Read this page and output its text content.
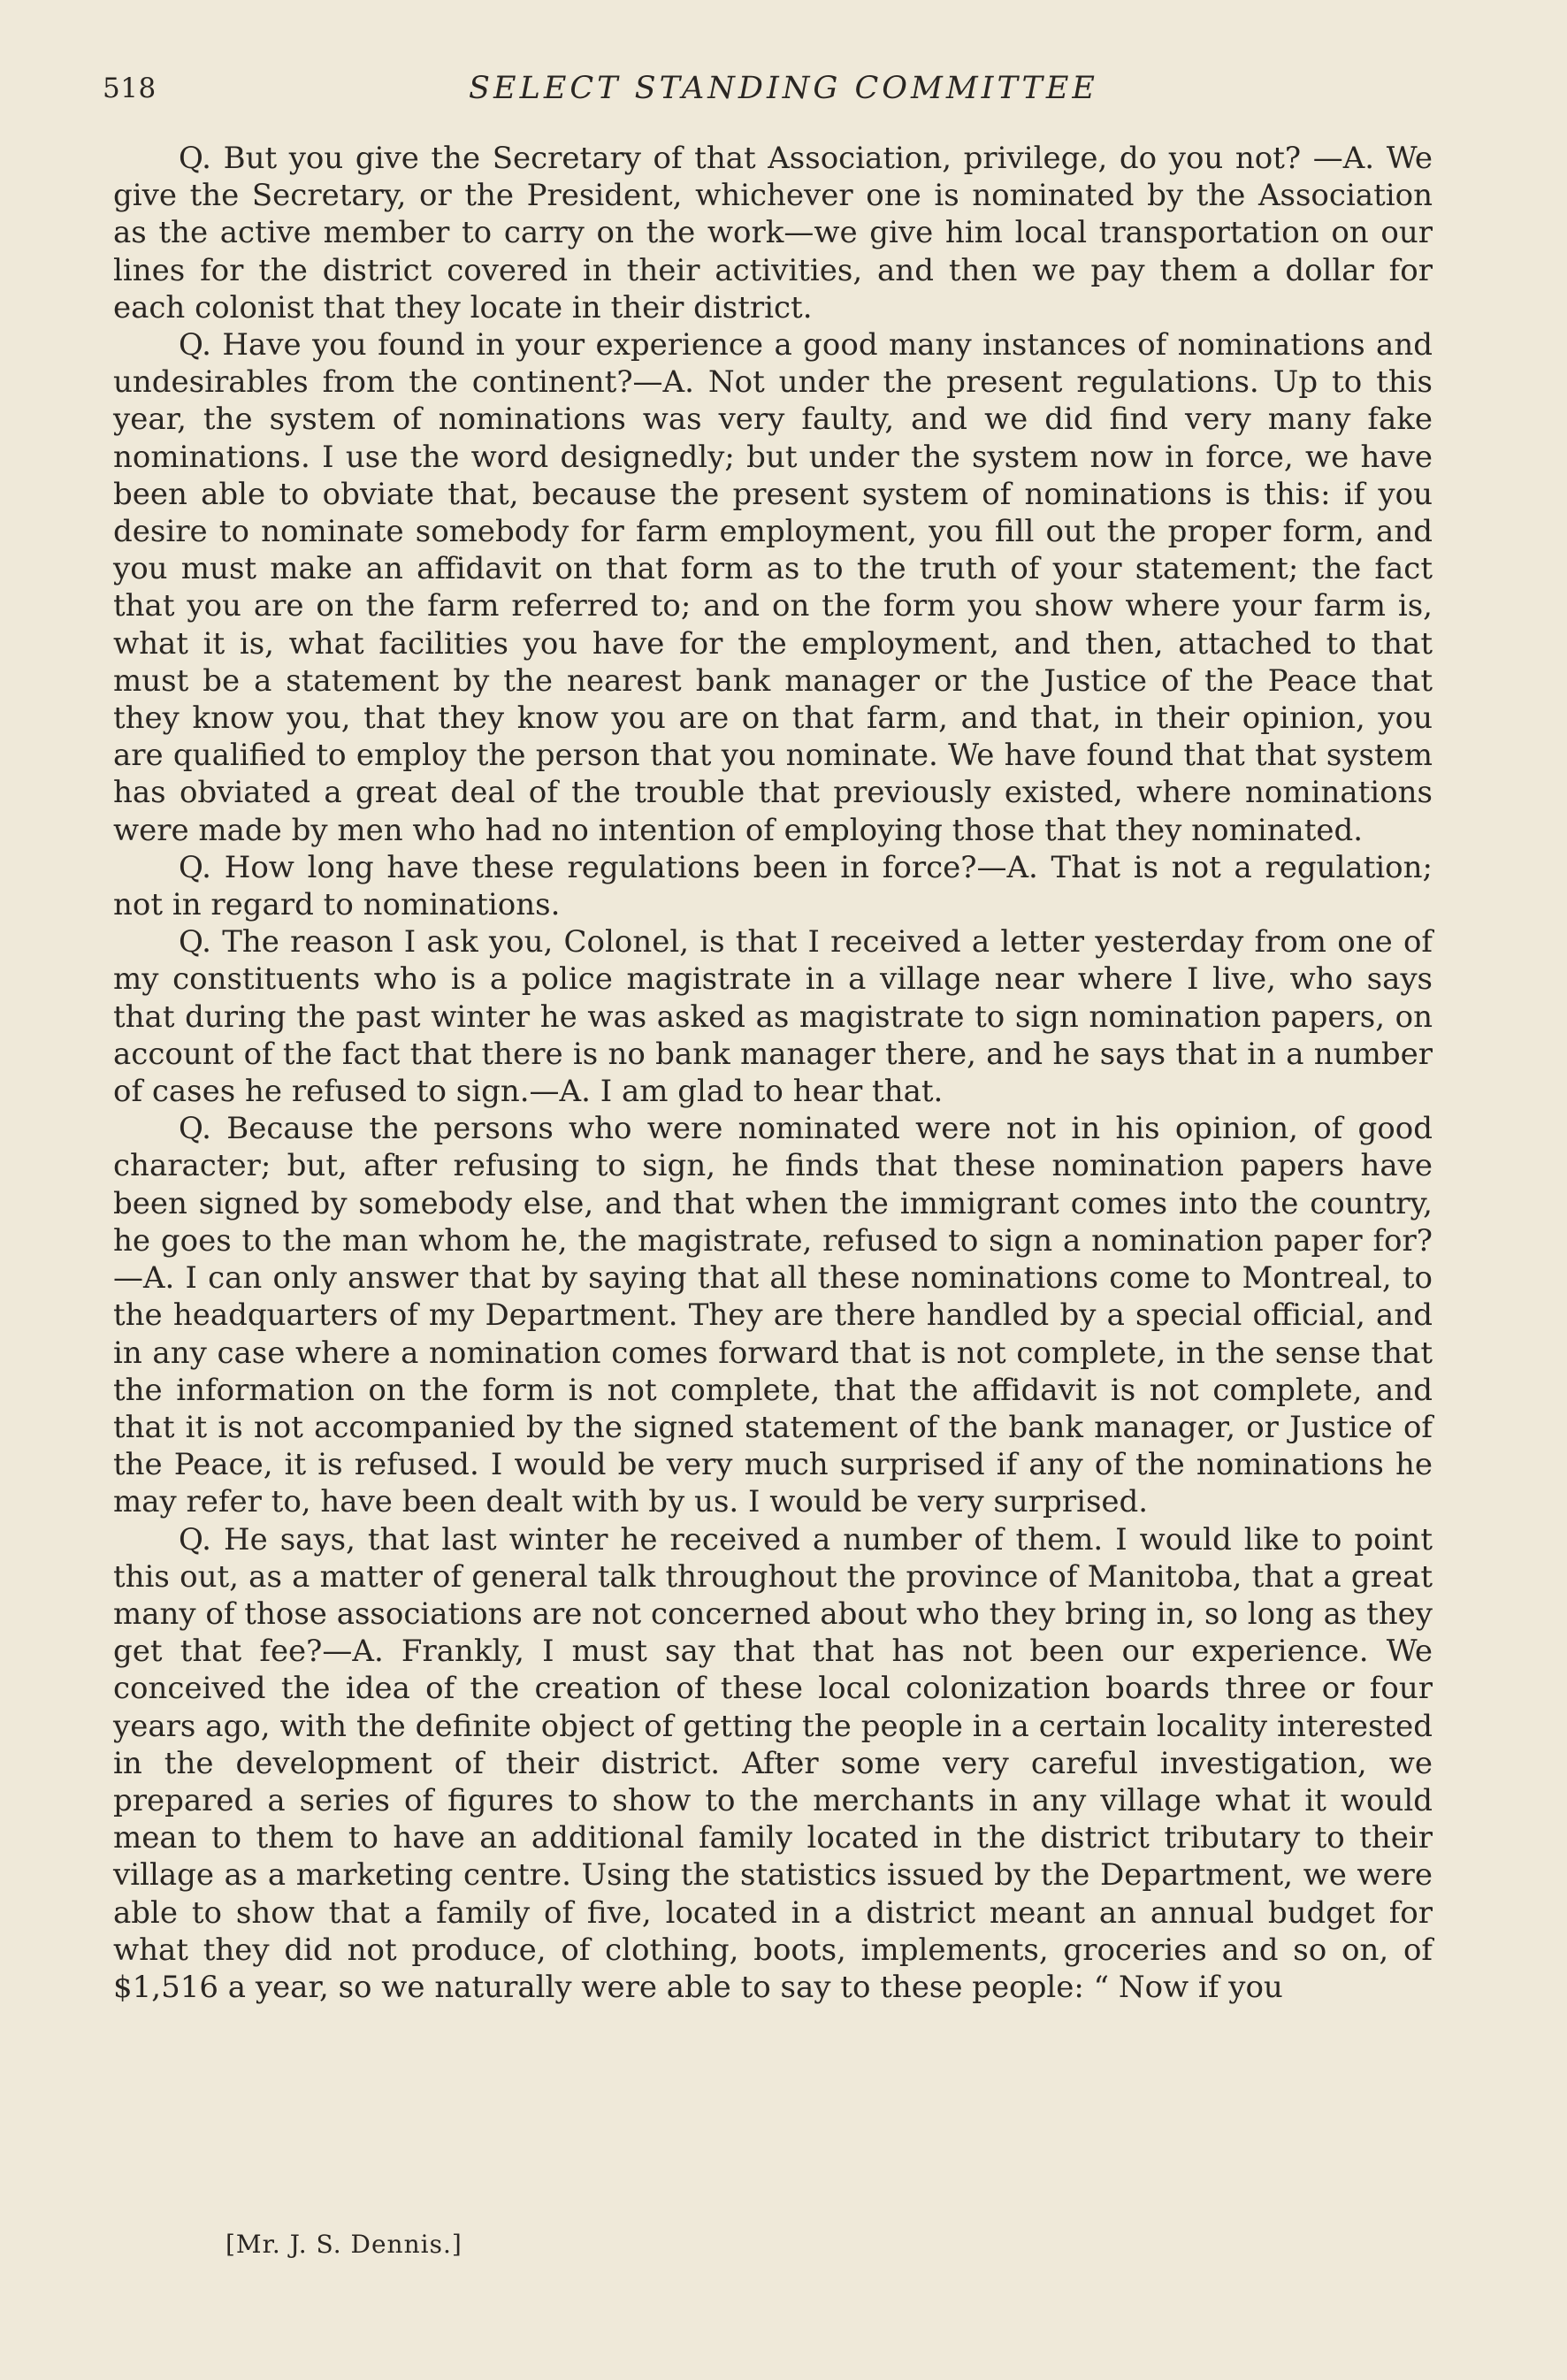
518	SELECT STANDING COMMITTEE

Q. But you give the Secretary of that Association, privilege, do you not? —A. We give the Secretary, or the President, whichever one is nominated by the Association as the active member to carry on the work—we give him local transportation on our lines for the district covered in their activities, and then we pay them a dollar for each colonist that they locate in their district.

Q. Have you found in your experience a good many instances of nominations and undesirables from the continent?—A. Not under the present regulations. Up to this year, the system of nominations was very faulty, and we did find very many fake nominations. I use the word designedly; but under the system now in force, we have been able to obviate that, because the present system of nominations is this: if you desire to nominate somebody for farm employment, you fill out the proper form, and you must make an affidavit on that form as to the truth of your statement; the fact that you are on the farm referred to; and on the form you show where your farm is, what it is, what facilities you have for the employment, and then, attached to that must be a statement by the nearest bank manager or the Justice of the Peace that they know you, that they know you are on that farm, and that, in their opinion, you are qualified to employ the person that you nominate. We have found that that system has obviated a great deal of the trouble that previously existed, where nominations were made by men who had no intention of employing those that they nominated.

Q. How long have these regulations been in force?—A. That is not a regulation; not in regard to nominations.

Q. The reason I ask you, Colonel, is that I received a letter yesterday from one of my constituents who is a police magistrate in a village near where I live, who says that during the past winter he was asked as magistrate to sign nomination papers, on account of the fact that there is no bank manager there, and he says that in a number of cases he refused to sign.—A. I am glad to hear that.

Q. Because the persons who were nominated were not in his opinion, of good character; but, after refusing to sign, he finds that these nomination papers have been signed by somebody else, and that when the immigrant comes into the country, he goes to the man whom he, the magistrate, refused to sign a nomination paper for?—A. I can only answer that by saying that all these nominations come to Montreal, to the headquarters of my Department. They are there handled by a special official, and in any case where a nomination comes forward that is not complete, in the sense that the information on the form is not complete, that the affidavit is not complete, and that it is not accompanied by the signed statement of the bank manager, or Justice of the Peace, it is refused. I would be very much surprised if any of the nominations he may refer to, have been dealt with by us. I would be very surprised.

Q. He says, that last winter he received a number of them. I would like to point this out, as a matter of general talk throughout the province of Manitoba, that a great many of those associations are not concerned about who they bring in, so long as they get that fee?—A. Frankly, I must say that that has not been our experience. We conceived the idea of the creation of these local colonization boards three or four years ago, with the definite object of getting the people in a certain locality interested in the development of their district. After some very careful investigation, we prepared a series of figures to show to the merchants in any village what it would mean to them to have an additional family located in the district tributary to their village as a marketing centre. Using the statistics issued by the Department, we were able to show that a family of five, located in a district meant an annual budget for what they did not produce, of clothing, boots, implements, groceries and so on, of $1,516 a year, so we naturally were able to say to these people: “ Now if you

[Mr. J. S. Dennis.]
